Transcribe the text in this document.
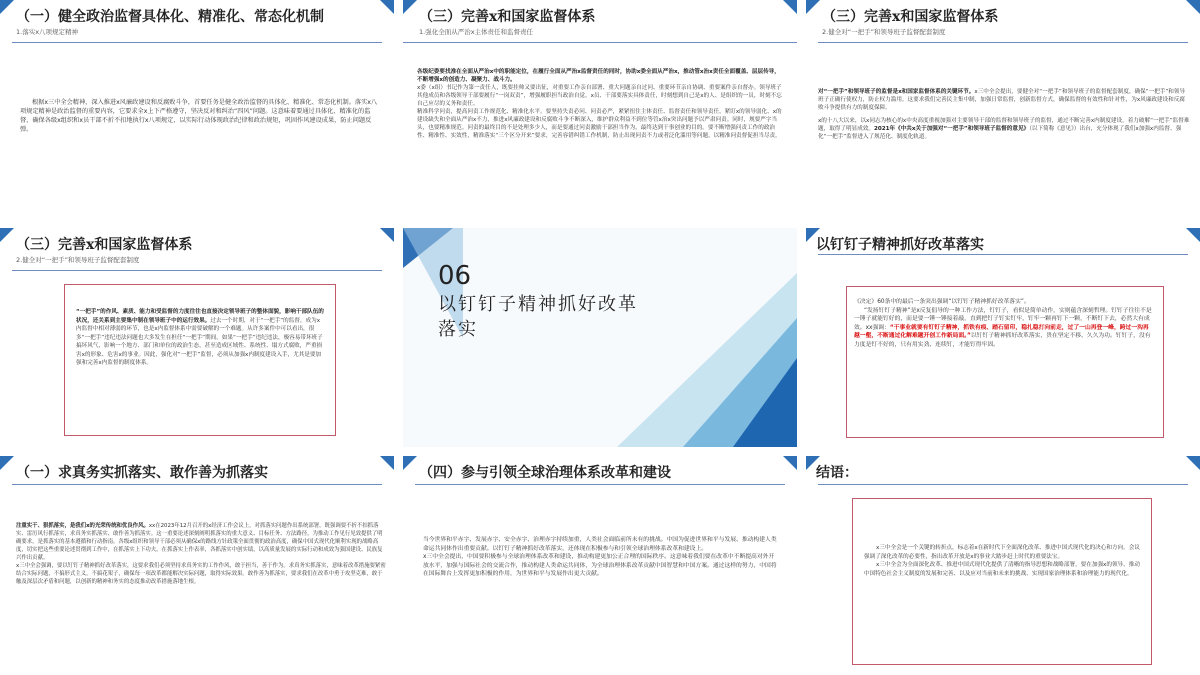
（一）健全政治监督具体化、精准化、常态化机制
1.落实x八项规定精神
根据x三中全会精神，深入推进x风廉政建设和反腐败斗争，首要任务是健全政治监督的具体化、精准化、常态化机制。落实x八项规定精神是政治监督的重要内容，它要求全x上下严格遵守，坚决反对和纠治“四风”问题。这意味着要通过具体化、精准化的监督，确保各级x组织和x员干部不折不扣地执行x八项规定，以实际行动体现政治纪律和政治规矩，巩固作风建设成果，防止问题反弹。
（三）完善x和国家监督体系
1.强化全面从严治x主体责任和监督责任
各级纪委要找准在全面从严治x中的职能定位，在履行全面从严治x监督责任的同时，协助x委全面从严治x，推动管x治x责任全面覆盖、层层传导，不断增强x的创造力、凝聚力、战斗力。
x委（x组）书记作为第一责任人，既要挂帅又要出征，对重要工作亲自部署、重大问题亲自过问、重要环节亲自协调、重要案件亲自督办。领导班子其他成员和各级领导干部要履行“一岗双责”，增强履职担当政治自觉。x员、干部要落实具体责任，时刻想到自己是x的人、是组织的一员，时刻不忘自己应尽的义务和责任。
精准科学问责，提高问责工作规范化、精准化水平。要坚持失责必问、问责必严，紧紧扭住主体责任、监督责任和领导责任，紧盯x的领导弱化、x的建设缺失和全面从严治x不力，推进x风廉政建设和反腐败斗争不断深入，维护群众利益不到位等管x治x突出问题予以严肃问责。同时，规要严字当头，也要精准规范。问责的最终目的不是处理多少人，而是要通过问责激励干部担当作为，最终达到干事创业的目的。要不断增强问责工作的政治性、精准性、实效性，精准落实“三个区分开来”要求，完善容错纠错工作机制，防止出现问责不力或者泛化滥用等问题，以精准问责督促担当尽责。
（三）完善x和国家监督体系
2.健全对“一把手”和领导班子监督配套制度
对“一把手”和领导班子的监督是x和国家监督体系的关键环节。x三中全会提出，要健全对“一把手”和领导班子的监督配套制度，确保“一把手”和领导班子正确行使权力，防止权力滥用。这要求我们完善民主集中制，加强日常监督，创新监督方式，确保监督的有效性和针对性，为x风廉政建设和反腐败斗争提供有力的制度保障。
x的十八大以来，以x同志为核心的x中央高度重视加强对主要领导干部的监督和领导班子的监督，通过不断完善x内制度建设，着力破解“一把手”监督难题，取得了明显成效。2021年《中共x关于加强对“一把手”和领导班子监督的意见》（以下简称《意见》）出台，充分体现了我们x加强x内监督、强化“一把手”监督进入了规范化、制度化轨道。
（三）完善x和国家监督体系
2.健全对“一把手”和领导班子监督配套制度
“一把手”的作风、素质、能力和受监督的力度往往也直接决定领导班子的整体面貌，影响干部队伍的状况，还关系到主要集中制在领导班子中的运行效果。过去一个时期，对于“一把手”的监督，成为x内监督中相对薄弱的环节，也是x内监督体系中需要破解的一个难题。从许多案件中可以看出，很多“一把手”违纪违法问题也大多发生在担任“一把手”期间。如果“一把手”违纪违法，极容易带坏班子搞坏风气，影响一个地方、部门和单位的政治生态，甚至造成区域性、系统性、塌方式腐败，严重损害x的形象、危害x的事业。因此，强化对“一把手”监督，必须从加强x内制度建设入手，尤其是要加强和完善x内监督的制度体系。
06
以钉钉子精神抓好改革落实
以钉钉子精神抓好改革落实
《决定》60条中的最后一条突出强调“以钉钉子精神抓好改革落实”。
“发扬钉钉子精神”是x反复倡导的一种工作方法，钉钉子，看似是简单动作，实则蕴含深刻哲理。钉钉子往往不是一锤子就能钉好的，而是要一锤一锤接着敲，直到把钉子钉实钉牢，钉牢一颗再钉下一颗，不断钉下去，必然大有成效。xx强调：“干事业就要有钉钉子精神，抓铁有痕、踏石留印，稳扎稳打向前走，过了一山再登一峰，跨过一沟再越一壑，不断通过化解难题开创工作新局面。”以钉钉子精神抓好改革落实，贵在坚定不移、久久为功。钉钉子，没有力度是钉不好的，只有用实劲、连续钉，才能钉得牢固。
（一）求真务实抓落实、敢作善为抓落实
注重实干、狠抓落实，是我们x的光荣传统和优良作风。xx在2023年12月召开的x经济工作会议上，对抓落实问题作出系统部署，既强调要不折不扣抓落实、雷厉风行抓落实，求真务实抓落实、敢作善为抓落实。这一重要论述深刻阐明抓落实的重大意义、目标任务、方法路径，为推动工作见行见效提供了明确要求，是抓落实的基本遵循和行动指南。各级x组织和领导干部必须从确保x的路线方针政策全面贯彻的政治高度，确保中国式现代化顺利实现的战略高度，切实把这些重要论述贯彻到工作中，在抓落实上下功夫，在抓落实上作表率，各抓落实中创实绩，以高质量发展的实际行动和成效为强国建设、民族复兴作出贡献。
x三中全会强调，要以钉钉子精神抓好改革落实，这要求我们必须坚持求真务实的工作作风，敢于担当，善于作为。求真务实抓落实，意味着改革措施要紧密结合实际问题，不搞形式主义，不搞花架子，确保每一项改革都能解决实际问题，取得实际效果。敢作善为抓落实，要求我们在改革中勇于攻坚克难，敢于触及深层次矛盾和问题，以创新的精神和务实的态度推动改革措施落地生根。
（四）参与引领全球治理体系改革和建设
当今世界和平赤字、发展赤字、安全赤字、治理赤字持续加重，人类社会面临前所未有的挑战。中国为促进世界和平与发展、推动构建人类命运共同体作出重要贡献。以钉钉子精神抓好改革落实，还体现在积极参与和引领全球治理体系改革和建设上。
x三中全会提出，中国要积极参与全球治理体系改革和建设，推动构建更加公正合理的国际秩序。这意味着我们要在改革中不断提高对外开放水平，加强与国际社会的交流合作，推动构建人类命运共同体，为全球治理体系改革贡献中国智慧和中国方案。通过这样的努力，中国将在国际舞台上发挥更加积极的作用，为世界和平与发展作出更大贡献。
结语：
x三中全会是一个关键的转折点，标志着x在新时代下全面深化改革、推进中国式现代化的决心和方向。会议强调了深化改革的必要性，指出改革开放是x的事业大踏步赶上时代的重要法宝。
x三中全会为全面深化改革、推进中国式现代化提供了清晰的指导思想和战略部署，要在加强x的领导、推动中国特色社会主义制度的发展和完善、以及应对当前和未来的挑战、实现国家治理体系和治理能力的现代化。
